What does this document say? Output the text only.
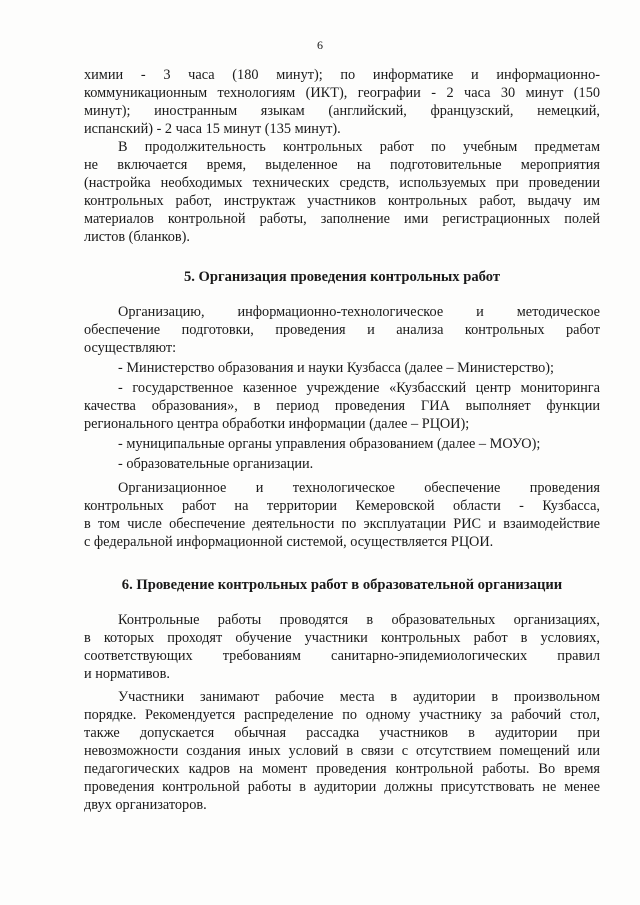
6
химии - 3 часа (180 минут); по информатике и информационно-
коммуникационным технологиям (ИКТ), географии - 2 часа 30 минут (150
минут); иностранным языкам (английский, французский, немецкий,
испанский) - 2 часа 15 минут (135 минут).
В продолжительность контрольных работ по учебным предметам
не включается время, выделенное на подготовительные мероприятия
(настройка необходимых технических средств, используемых при проведении
контрольных работ, инструктаж участников контрольных работ, выдачу им
материалов контрольной работы, заполнение ими регистрационных полей
листов (бланков).
5. Организация проведения контрольных работ
Организацию, информационно-технологическое и методическое
обеспечение подготовки, проведения и анализа контрольных работ
осуществляют:
- Министерство образования и науки Кузбасса (далее – Министерство);
- государственное казенное учреждение «Кузбасский центр мониторинга
качества образования», в период проведения ГИА выполняет функции
регионального центра обработки информации (далее – РЦОИ);
- муниципальные органы управления образованием (далее – МОУО);
- образовательные организации.
Организационное и технологическое обеспечение проведения
контрольных работ на территории Кемеровской области - Кузбасса,
в том числе обеспечение деятельности по эксплуатации РИС и взаимодействие
с федеральной информационной системой, осуществляется РЦОИ.
6. Проведение контрольных работ в образовательной организации
Контрольные работы проводятся в образовательных организациях,
в которых проходят обучение участники контрольных работ в условиях,
соответствующих требованиям санитарно-эпидемиологических правил
и нормативов.
Участники занимают рабочие места в аудитории в произвольном
порядке. Рекомендуется распределение по одному участнику за рабочий стол,
также допускается обычная рассадка участников в аудитории при
невозможности создания иных условий в связи с отсутствием помещений или
педагогических кадров на момент проведения контрольной работы. Во время
проведения контрольной работы в аудитории должны присутствовать не менее
двух организаторов.
